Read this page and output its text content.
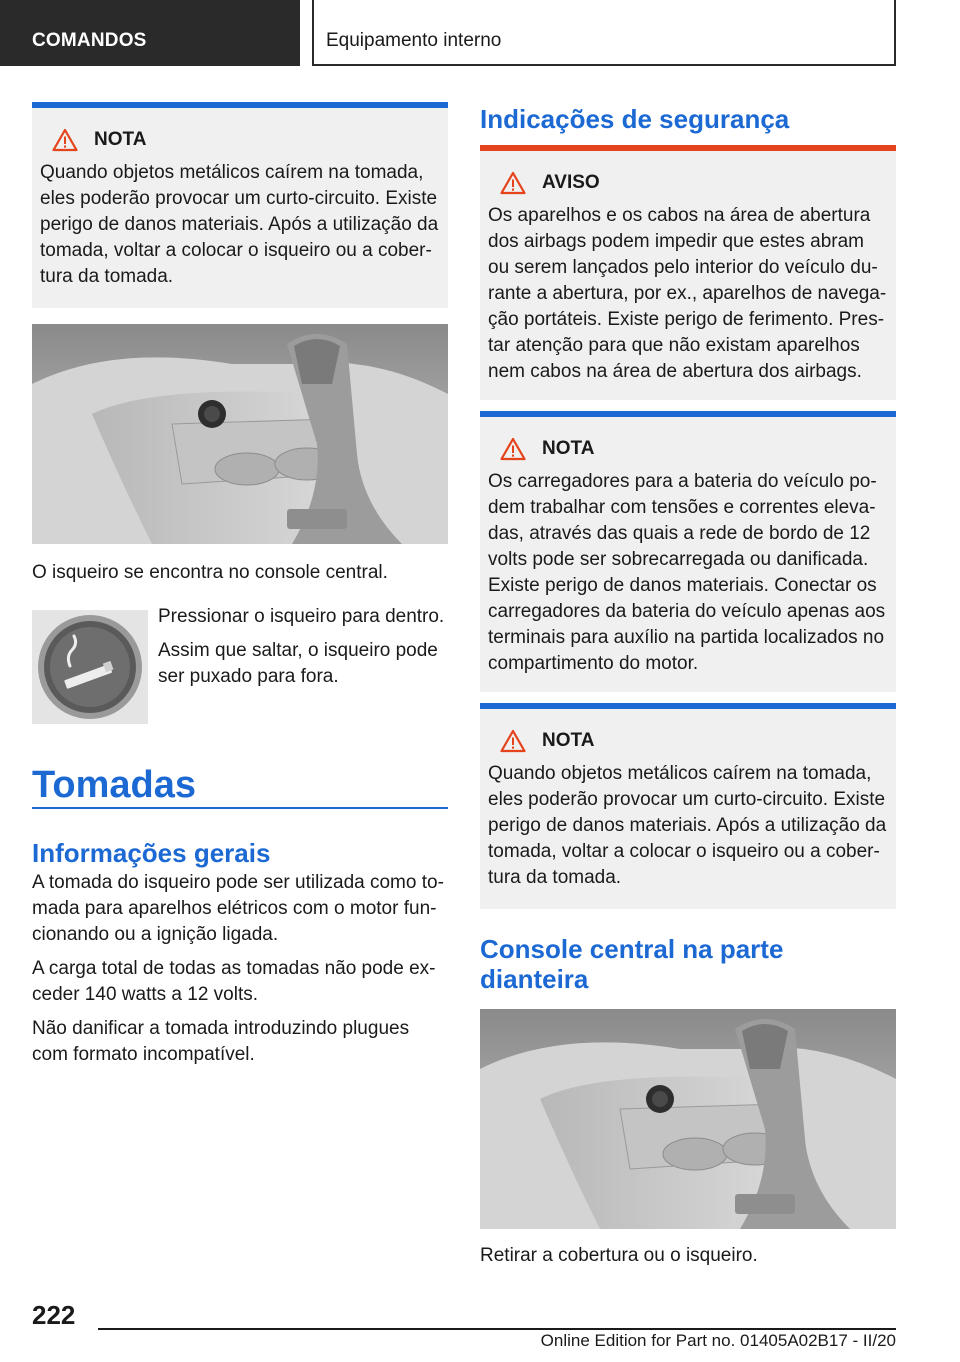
COMANDOS	Equipamento interno
NOTA

Quando objetos metálicos caírem na tomada, eles poderão provocar um curto-circuito. Existe perigo de danos materiais. Após a utilização da tomada, voltar a colocar o isqueiro ou a cobertura da tomada.

O isqueiro se encontra no console central.

Pressionar o isqueiro para dentro.

Assim que saltar, o isqueiro pode ser puxado para fora.

Tomadas
Informações gerais

A tomada do isqueiro pode ser utilizada como tomada para aparelhos elétricos com o motor funcionando ou a ignição ligada.

A carga total de todas as tomadas não pode exceder 140 watts a 12 volts.

Não danificar a tomada introduzindo plugues com formato incompatível.

Indicações de segurança
AVISO

Os aparelhos e os cabos na área de abertura dos airbags podem impedir que estes abram ou serem lançados pelo interior do veículo durante a abertura, por ex., aparelhos de navegação portáteis. Existe perigo de ferimento. Prestar atenção para que não existam aparelhos nem cabos na área de abertura dos airbags.

NOTA

Os carregadores para a bateria do veículo podem trabalhar com tensões e correntes elevadas, através das quais a rede de bordo de 12 volts pode ser sobrecarregada ou danificada. Existe perigo de danos materiais. Conectar os carregadores da bateria do veículo apenas aos terminais para auxílio na partida localizados no compartimento do motor.

NOTA

Quando objetos metálicos caírem na tomada, eles poderão provocar um curto-circuito. Existe perigo de danos materiais. Após a utilização da tomada, voltar a colocar o isqueiro ou a cobertura da tomada.

Console central na parte dianteira

Retirar a cobertura ou o isqueiro.

222
Online Edition for Part no. 01405A02B17 - II/20
